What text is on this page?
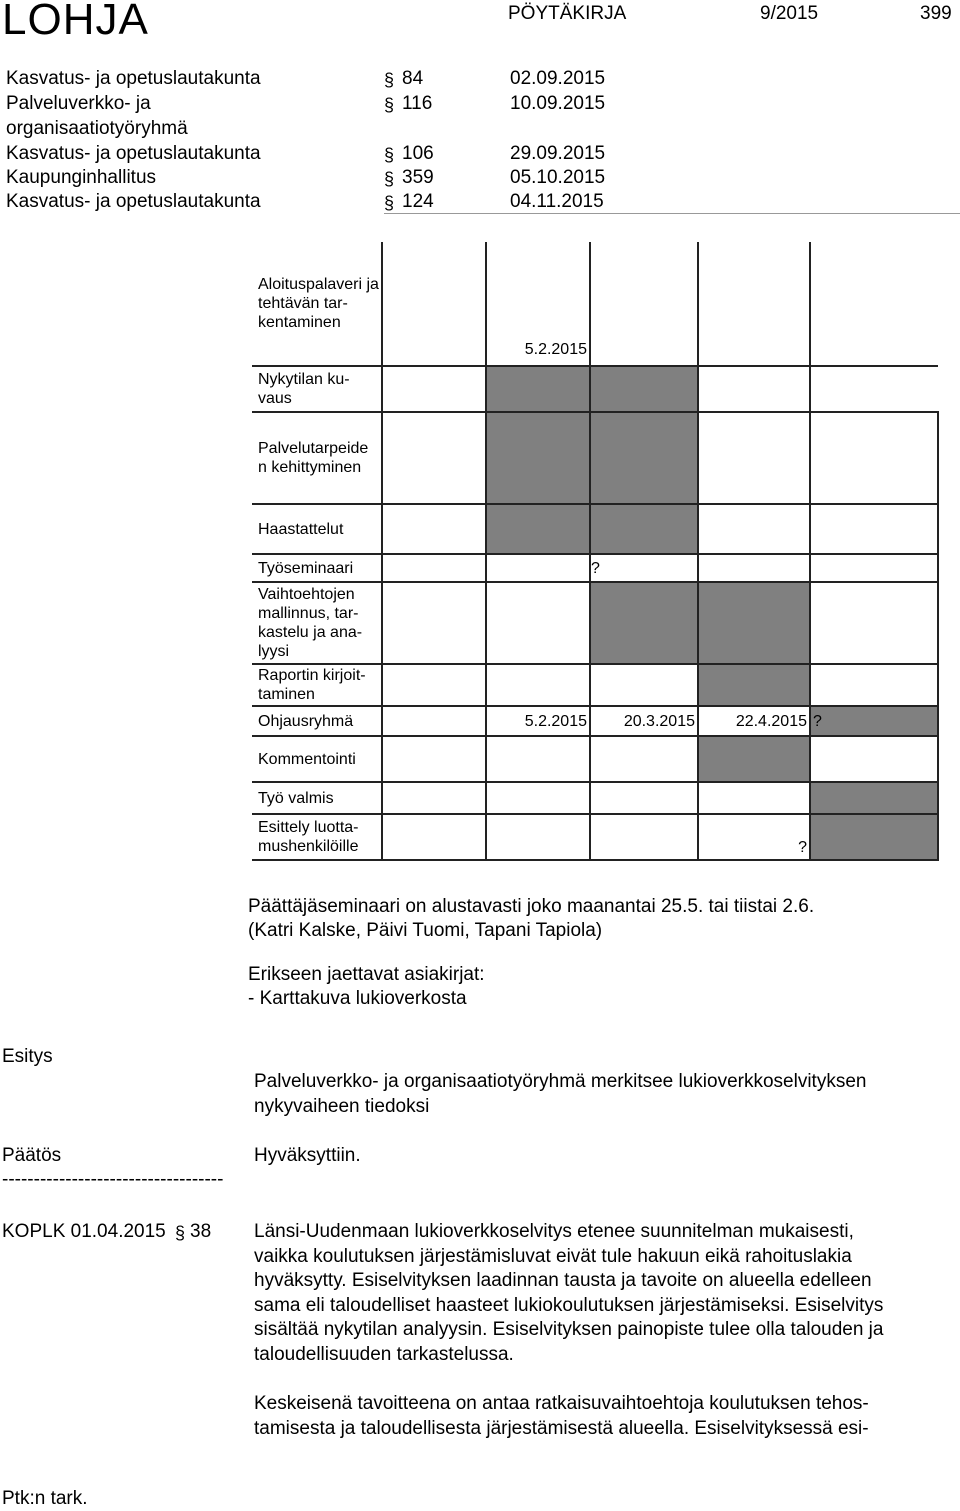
LOHJA	PÖYTÄKIRJA	9/2015	399
Kasvatus- ja opetuslautakunta	§ 84	02.09.2015
Palveluverkko- ja
organisaatiotyöryhmä
§ 116	10.09.2015
Kasvatus- ja opetuslautakunta	§ 106	29.09.2015
Kaupunginhallitus	§ 359	05.10.2015
Kasvatus- ja opetuslautakunta	§ 124	04.11.2015
Aloituspalaveri ja tehtävän tar-kentaminen		5.2.2015			
Nykytilan ku-vaus					
Palvelutarpeide n kehittyminen					
Haastattelut					
Työseminaari			?		
Vaihtoehtojen mallinnus, tar-kastelu ja ana-lyysi					
Raportin kirjoit-taminen					
Ohjausryhmä		5.2.2015	20.3.2015	22.4.2015	?
Kommentointi					
Työ valmis					
Esittely luotta-mushenkilöille				?	
Päättäjäseminaari on alustavasti joko maanantai 25.5. tai tiistai 2.6.
(Katri Kalske, Päivi Tuomi, Tapani Tapiola)
Erikseen jaettavat asiakirjat:
- Karttakuva lukioverkosta
Esitys
Palveluverkko- ja organisaatiotyöryhmä merkitsee lukioverkkoselvityksen
nykyvaiheen tiedoksi
Päätös	Hyväksyttiin.
-----------------------------------
KOPLK 01.04.2015 § 38 Länsi-Uudenmaan lukioverkkoselvitys etenee suunnitelman mukaisesti,
vaikka koulutuksen järjestämisluvat eivät tule hakuun eikä rahoituslakia
hyväksytty. Esiselvityksen laadinnan tausta ja tavoite on alueella edelleen
sama eli taloudelliset haasteet lukiokoulutuksen järjestämiseksi. Esiselvitys
sisältää nykytilan analyysin. Esiselvityksen painopiste tulee olla talouden ja
taloudellisuuden tarkastelussa.
Keskeisenä tavoitteena on antaa ratkaisuvaihtoehtoja koulutuksen tehos-
tamisesta ja taloudellisesta järjestämisestä alueella. Esiselvityksessä esi-
Ptk:n tark.
